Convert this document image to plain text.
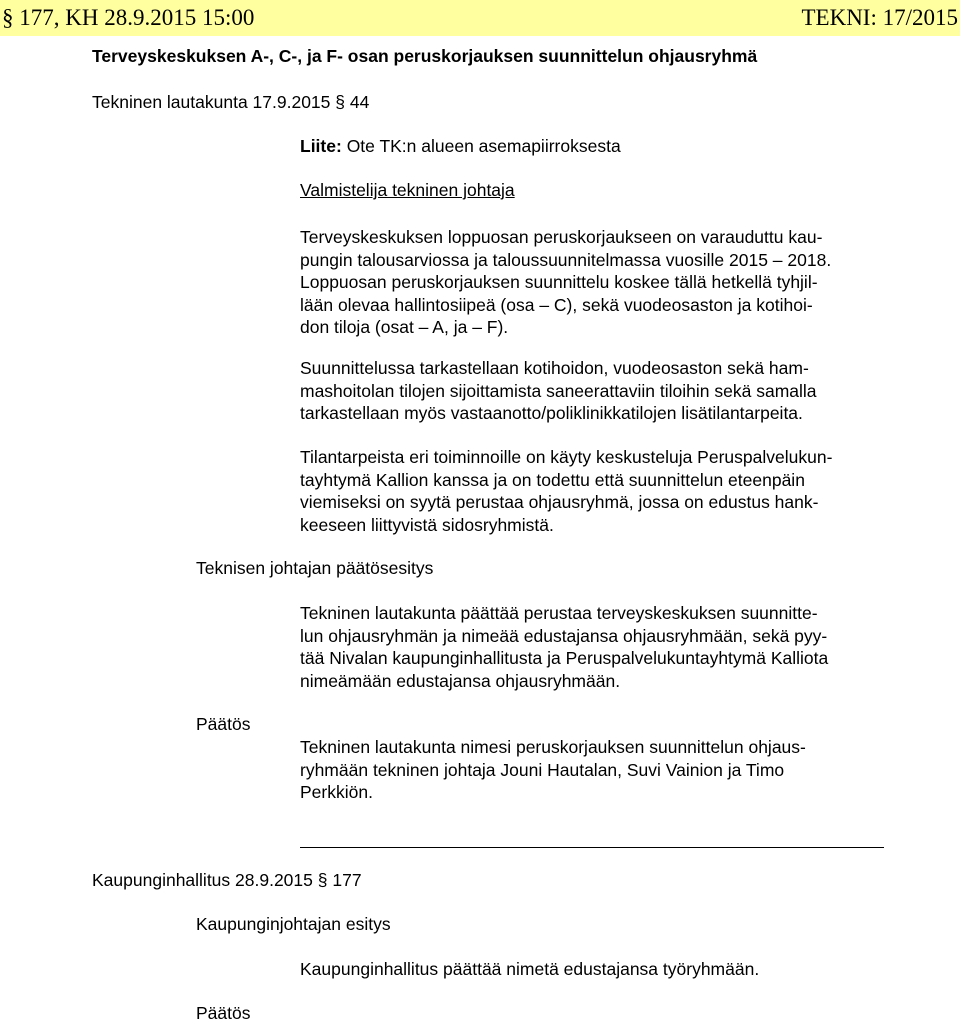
§ 177, KH 28.9.2015 15:00	TEKNI: 17/2015
Terveyskeskuksen A-, C-, ja F- osan peruskorjauksen suunnittelun ohjausryhmä
Tekninen lautakunta 17.9.2015 § 44
Liite: Ote TK:n alueen asemapiirroksesta
Valmistelija tekninen johtaja
Terveyskeskuksen loppuosan peruskorjaukseen on varauduttu kau-
pungin talousarviossa ja taloussuunnitelmassa vuosille 2015 – 2018.
Loppuosan peruskorjauksen suunnittelu koskee tällä hetkellä tyhjil-
lään olevaa hallintosiipeä (osa – C), sekä vuodeosaston ja kotihoi-
don tiloja (osat – A, ja – F).
Suunnittelussa tarkastellaan kotihoidon, vuodeosaston sekä ham-
mashoitolan tilojen sijoittamista saneerattaviin tiloihin sekä samalla
tarkastellaan myös vastaanotto/poliklinikkatilojen lisätilantarpeita.
Tilantarpeista eri toiminnoille on käyty keskusteluja Peruspalvelukun-
tayhtymä Kallion kanssa ja on todettu että suunnittelun eteenpäin
viemiseksi on syytä perustaa ohjausryhmä, jossa on edustus hank-
keeseen liittyvistä sidosryhmistä.
Teknisen johtajan päätösesitys
Tekninen lautakunta päättää perustaa terveyskeskuksen suunnitte-
lun ohjausryhmän ja nimeää edustajansa ohjausryhmään, sekä pyy-
tää Nivalan kaupunginhallitusta ja Peruspalvelukuntayhtymä Kalliota
nimeämään edustajansa ohjausryhmään.
Päätös
Tekninen lautakunta nimesi peruskorjauksen suunnittelun ohjaus-
ryhmään tekninen johtaja Jouni Hautalan, Suvi Vainion ja Timo
Perkkiön.
Kaupunginhallitus 28.9.2015 § 177
Kaupunginjohtajan esitys
Kaupunginhallitus päättää nimetä edustajansa työryhmään.
Päätös
